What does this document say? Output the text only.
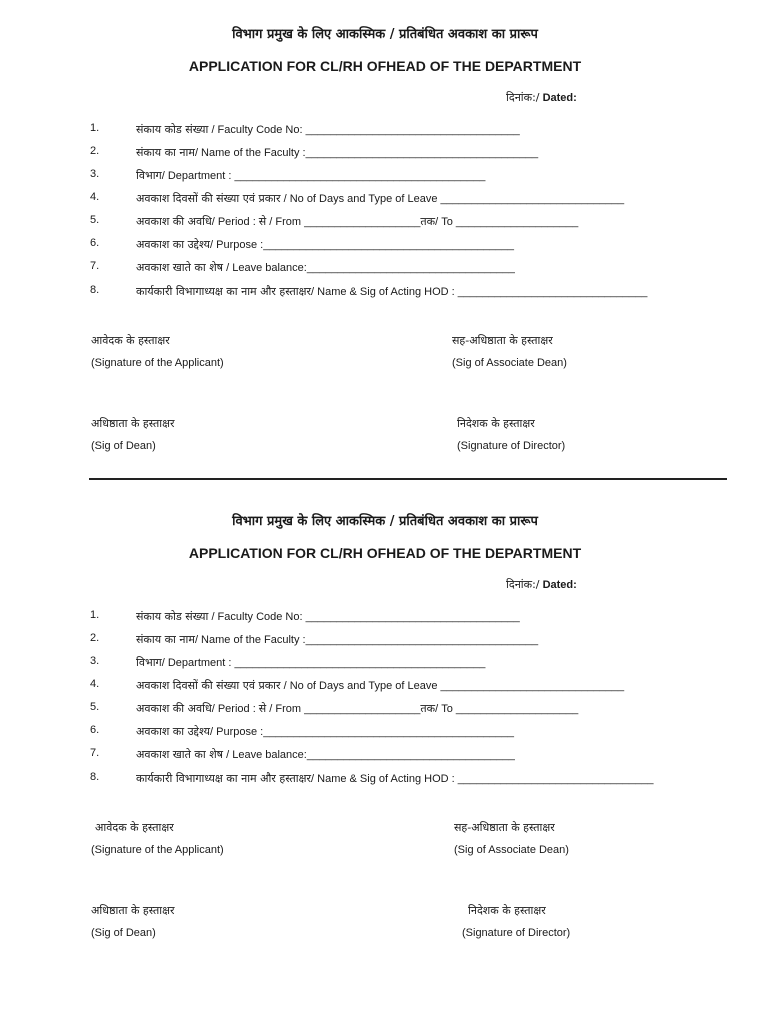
विभाग प्रमुख के लिए आकस्मिक / प्रतिबंधित अवकाश का प्रारूप
APPLICATION FOR CL/RH OFHEAD OF THE DEPARTMENT
दिनांक:/ Dated:
1.	संकाय कोड संख्या / Faculty Code No: ___________________________________
2.	संकाय का नाम/ Name of the Faculty :______________________________________
3.	विभाग/ Department : _________________________________________
4.	अवकाश दिवसों की संख्या एवं प्रकार / No of Days and Type of Leave ______________________________
5.	अवकाश की अवधि/ Period : से / From ___________________तक/ To ____________________
6.	अवकाश का उद्देश्य/ Purpose :_________________________________________
7.	अवकाश खाते का शेष / Leave balance:__________________________________
8.	कार्यकारी विभागाध्यक्ष का नाम और हस्ताक्षर/ Name & Sig of Acting HOD : _______________________________
आवेदक के हस्ताक्षर
(Signature of the Applicant)
सह-अधिष्ठाता के हस्ताक्षर
(Sig of Associate Dean)
अधिष्ठाता के हस्ताक्षर
(Sig of Dean)
निदेशक के हस्ताक्षर
(Signature of Director)
विभाग प्रमुख के लिए आकस्मिक / प्रतिबंधित अवकाश का प्रारूप
APPLICATION FOR CL/RH OFHEAD OF THE DEPARTMENT
दिनांक:/ Dated:
1.	संकाय कोड संख्या / Faculty Code No: ___________________________________
2.	संकाय का नाम/ Name of the Faculty :______________________________________
3.	विभाग/ Department : _________________________________________
4.	अवकाश दिवसों की संख्या एवं प्रकार / No of Days and Type of Leave ______________________________
5.	अवकाश की अवधि/ Period : से / From ___________________तक/ To ____________________
6.	अवकाश का उद्देश्य/ Purpose :_________________________________________
7.	अवकाश खाते का शेष / Leave balance:__________________________________
8.	कार्यकारी विभागाध्यक्ष का नाम और हस्ताक्षर/ Name & Sig of Acting HOD : ________________________________
आवेदक के हस्ताक्षर
(Signature of the Applicant)
सह-अधिष्ठाता के हस्ताक्षर
(Sig of Associate Dean)
अधिष्ठाता के हस्ताक्षर
(Sig of Dean)
निदेशक के हस्ताक्षर
(Signature of Director)
